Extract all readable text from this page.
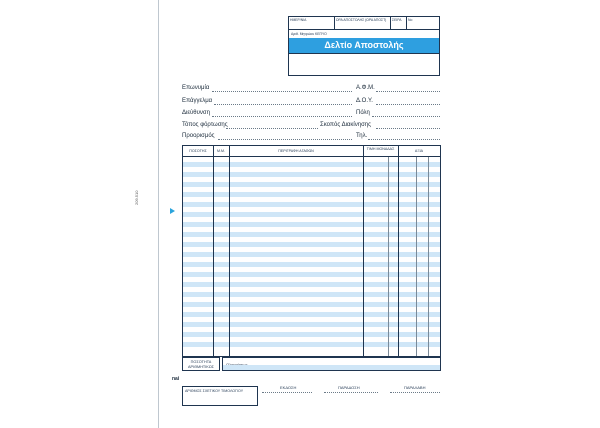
209.510
ΗΜΕΡ/ΝΙΑ	ΩΡΑ ΑΠΟΣΤΟΛΗΣ (ΩΡΑ ΑΠΟΣΤ)	ΣΕΙΡΑ	Νο
Αριθ. Μητρώου ΚΕΠΥΟ
Δελτίο Αποστολής
Επωνυμία	Α.Φ.Μ.
Επάγγελμα	Δ.Ο.Υ.
Διεύθυνση	Πόλη
Τόπος φόρτωσης	Σκοπός Διακίνησης
Προορισμός	Τηλ.
ΠΟΣΟΤΗΣ	Μ.Μ.	ΠΕΡΙΓΡΑΦΗ ΑΓΑΘΩΝ	ΤΙΜΗ ΜΟΝΑΔΑΣ	ΑΞΙΑ
ΠΟΣΟΤΗΤΑ ΑΡΙΘΜΗΤΙΚΩΣ
nai
ΑΡΙΘΜΟΣ ΣΧΕΤΙΚΟΥ ΤΙΜΟΛΟΓΙΟΥ
ΕΚΔΟΣΗ	ΠΑΡΑΔΟΣΗ	ΠΑΡΑΛΑΒΗ
